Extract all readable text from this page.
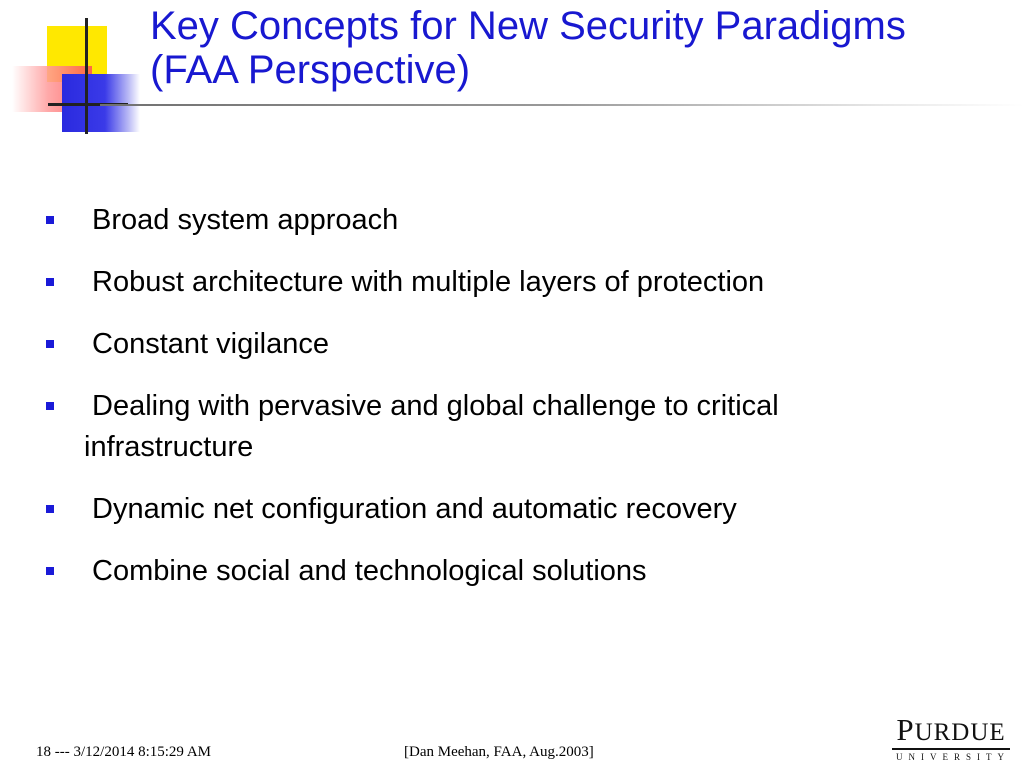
Key Concepts for New Security Paradigms
(FAA Perspective)
Broad system approach
Robust architecture with multiple layers of protection
Constant vigilance
Dealing with pervasive and global challenge to critical infrastructure
Dynamic net configuration and automatic recovery
Combine social and technological solutions
18 --- 3/12/2014 8:15:29 AM	[Dan Meehan, FAA, Aug.2003]
PURDUE
UNIVERSITY
